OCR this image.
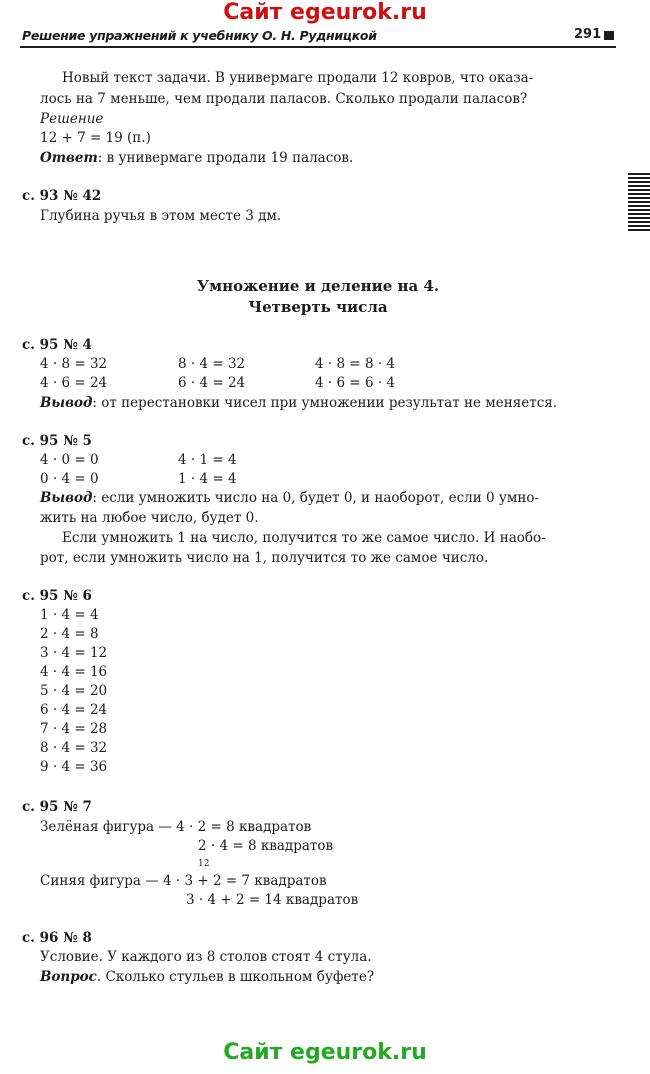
Сайт egeurok.ru
Решение упражнений к учебнику О. Н. Рудницкой	291
Новый текст задачи. В универмаге продали 12 ковров, что оказа-
лось на 7 меньше, чем продали паласов. Сколько продали паласов?
Решение
12 + 7 = 19 (п.)
Ответ: в универмаге продали 19 паласов.
с. 93 № 42
Глубина ручья в этом месте 3 дм.
Умножение и деление на 4.
Четверть числа
с. 95 № 4
4 · 8 = 32	8 · 4 = 32	4 · 8 = 8 · 4
4 · 6 = 24	6 · 4 = 24	4 · 6 = 6 · 4
Вывод: от перестановки чисел при умножении результат не меняется.
с. 95 № 5
4 · 0 = 0	4 · 1 = 4
0 · 4 = 0	1 · 4 = 4
Вывод: если умножить число на 0, будет 0, и наоборот, если 0 умно-
жить на любое число, будет 0.
Если умножить 1 на число, получится то же самое число. И наобо-
рот, если умножить число на 1, получится то же самое число.
с. 95 № 6
1 · 4 = 4
2 · 4 = 8
3 · 4 = 12
4 · 4 = 16
5 · 4 = 20
6 · 4 = 24
7 · 4 = 28
8 · 4 = 32
9 · 4 = 36
с. 95 № 7
Зелёная фигура — 4 · 2 = 8 квадратов
2 · 4 = 8 квадратов
12
Синяя фигура — 4 · 3 + 2 = 7 квадратов
3 · 4 + 2 = 14 квадратов
с. 96 № 8
Условие. У каждого из 8 столов стоят 4 стула.
Вопрос. Сколько стульев в школьном буфете?
Сайт egeurok.ru
